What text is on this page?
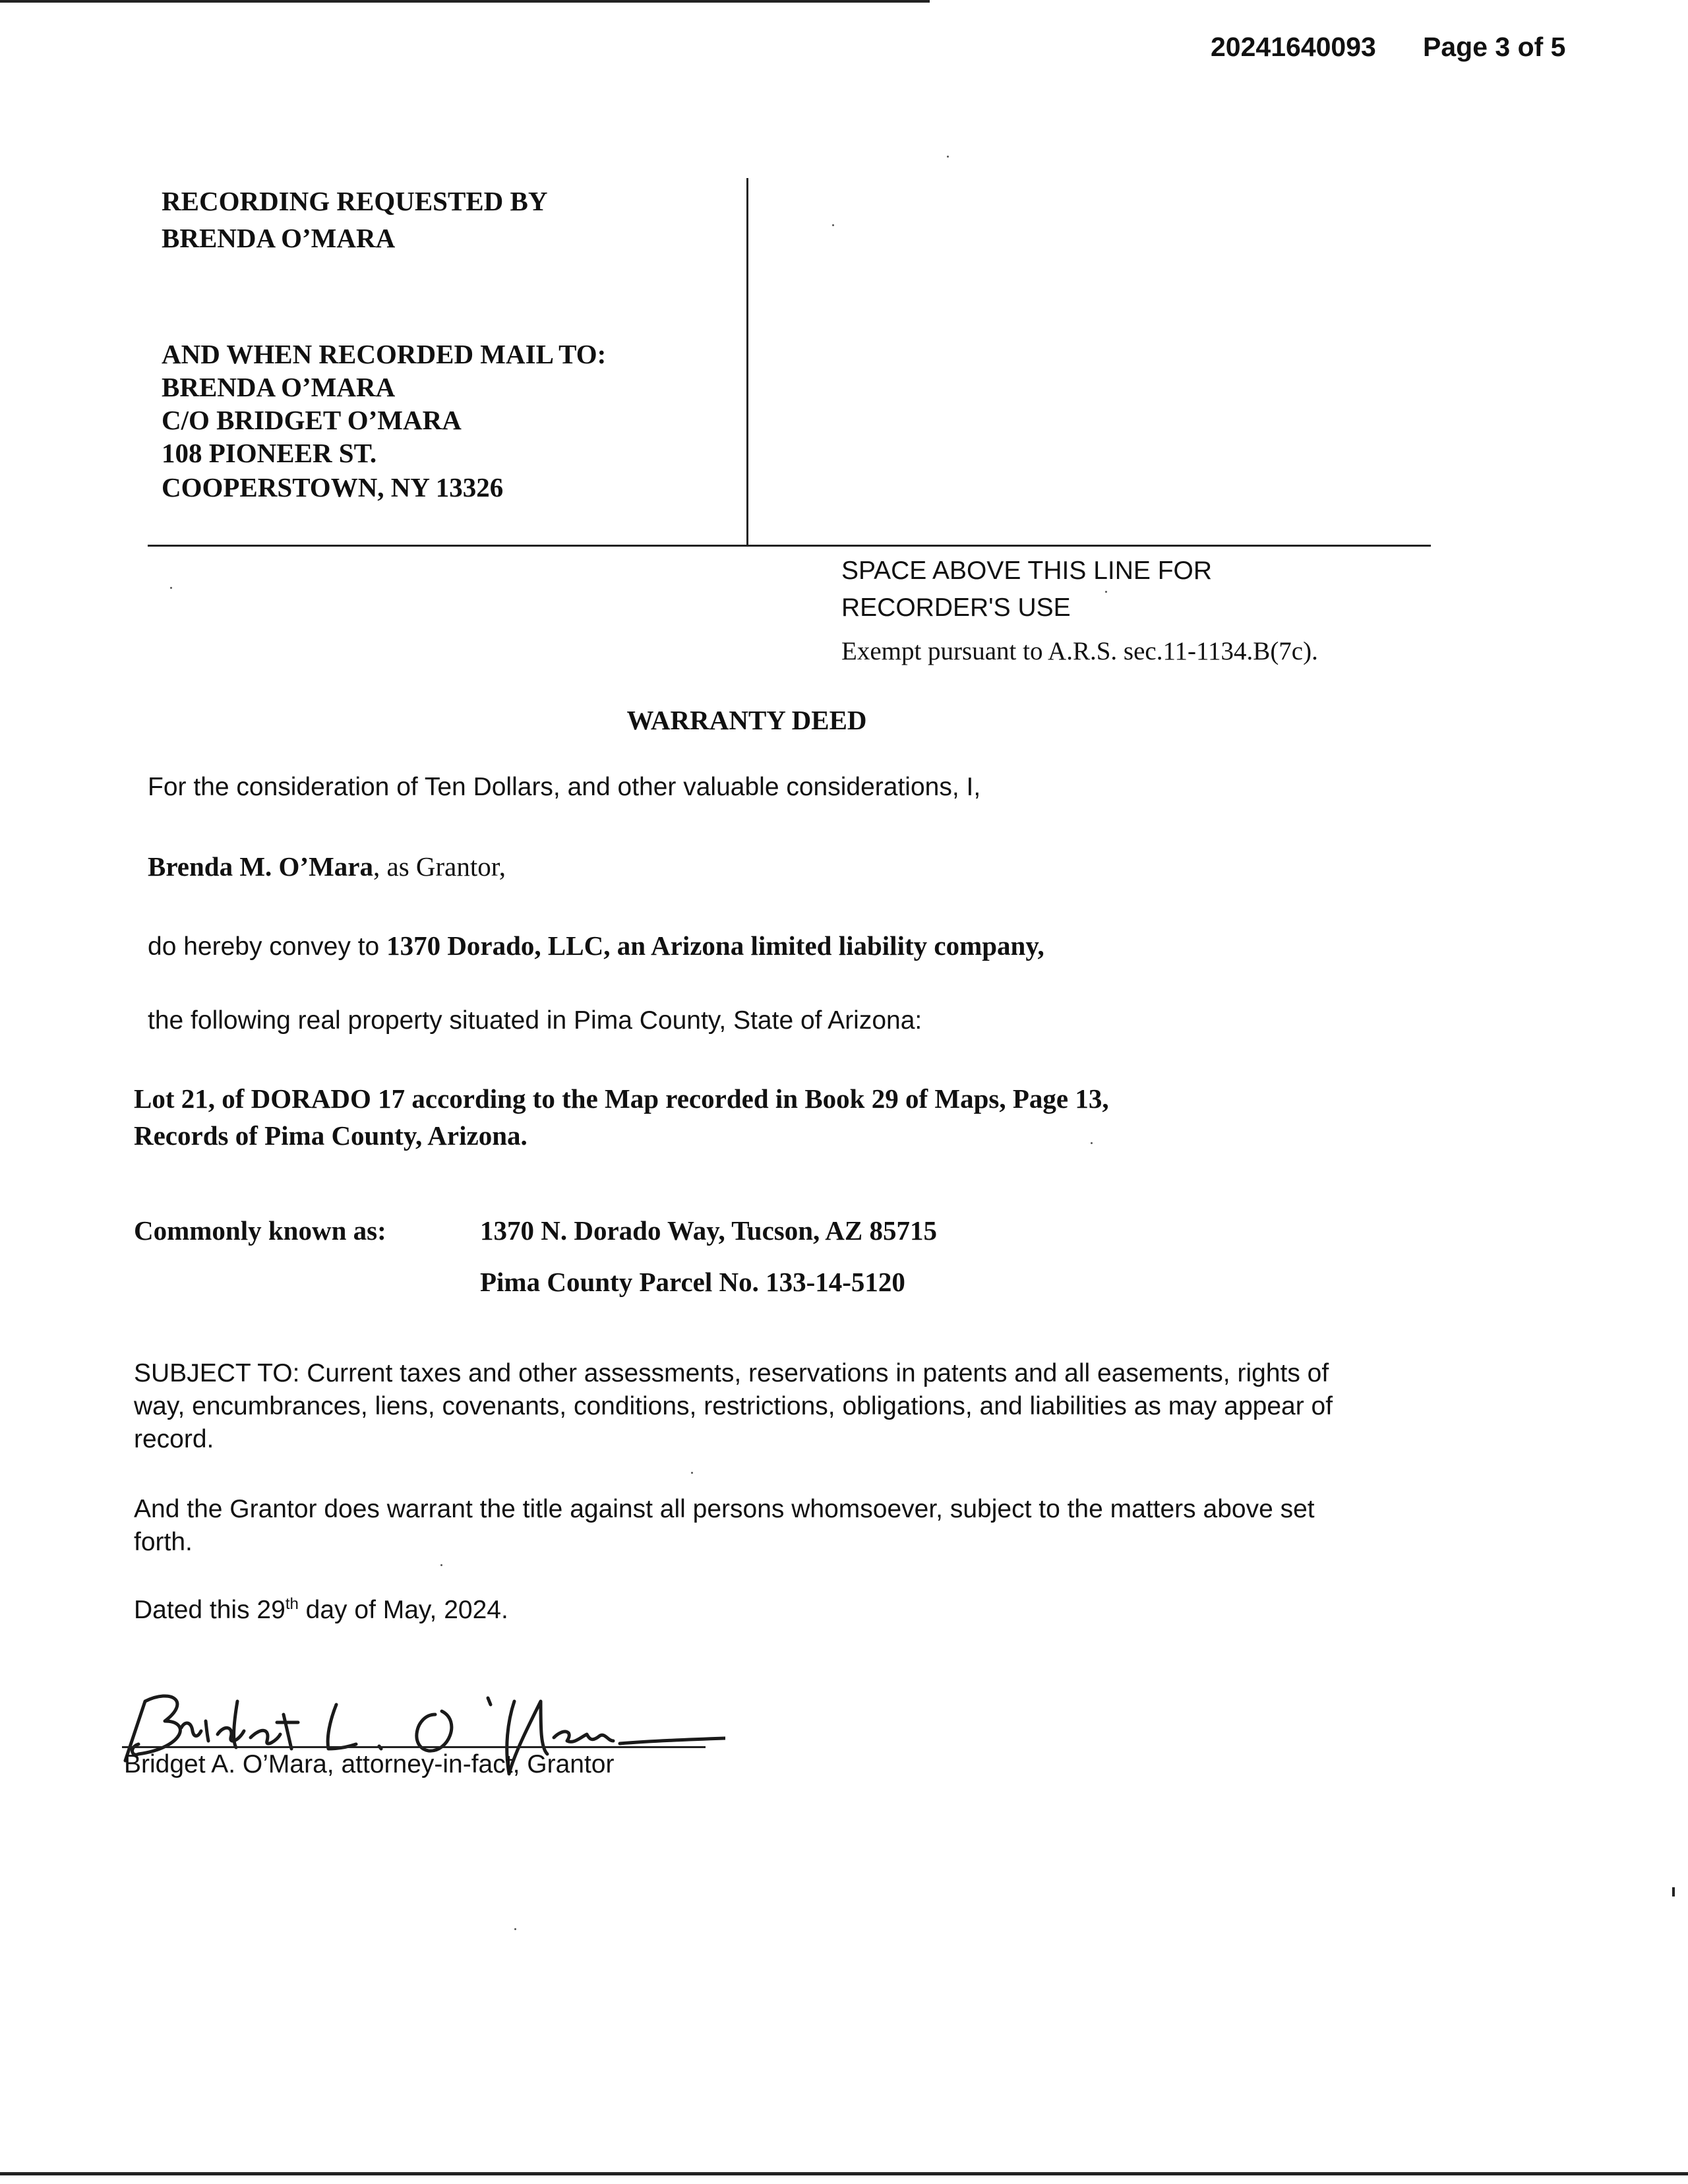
20241640093 Page 3 of 5
RECORDING REQUESTED BY
BRENDA O’MARA
AND WHEN RECORDED MAIL TO:
BRENDA O’MARA
C/O BRIDGET O’MARA
108 PIONEER ST.
COOPERSTOWN, NY 13326
SPACE ABOVE THIS LINE FOR
RECORDER'S USE
Exempt pursuant to A.R.S. sec.11-1134.B(7c).
WARRANTY DEED
For the consideration of Ten Dollars, and other valuable considerations, I,
Brenda M. O’Mara, as Grantor,
do hereby convey to 1370 Dorado, LLC, an Arizona limited liability company,
the following real property situated in Pima County, State of Arizona:
Lot 21, of DORADO 17 according to the Map recorded in Book 29 of Maps, Page 13,
Records of Pima County, Arizona.
Commonly known as:	1370 N. Dorado Way, Tucson, AZ 85715
Pima County Parcel No. 133-14-5120
SUBJECT TO: Current taxes and other assessments, reservations in patents and all easements, rights of way, encumbrances, liens, covenants, conditions, restrictions, obligations, and liabilities as may appear of record.
And the Grantor does warrant the title against all persons whomsoever, subject to the matters above set forth.
Dated this 29th day of May, 2024.
Bridget A. O’Mara, attorney-in-fact, Grantor
